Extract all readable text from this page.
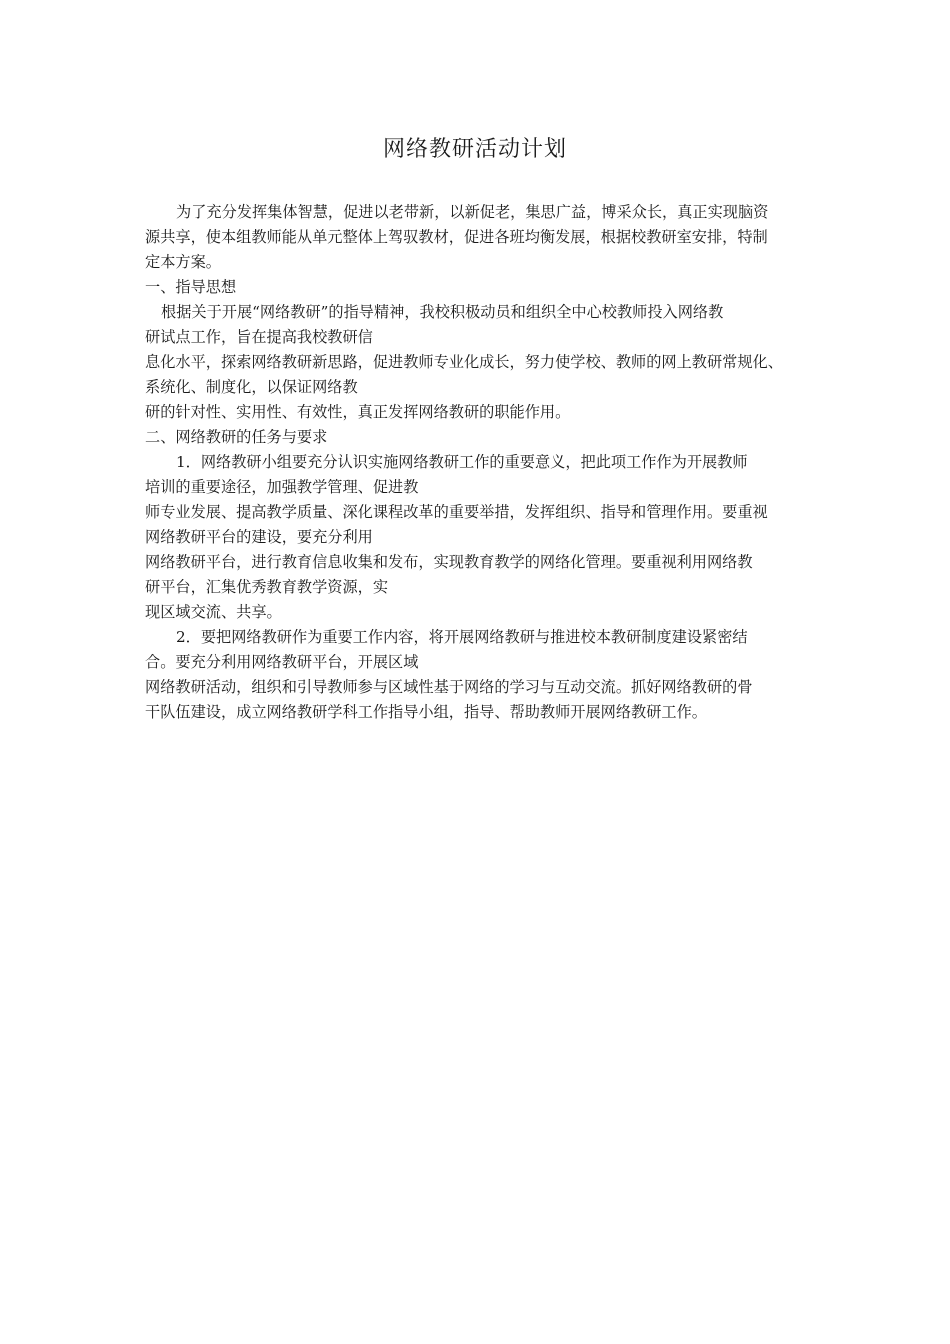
网络教研活动计划
为了充分发挥集体智慧，促进以老带新，以新促老，集思广益，博采众长，真正实现脑资
源共享，使本组教师能从单元整体上驾驭教材，促进各班均衡发展，根据校教研室安排，特制
定本方案。
一、指导思想
根据关于开展“网络教研”的指导精神，我校积极动员和组织全中心校教师投入网络教
研试点工作，旨在提高我校教研信
息化水平，探索网络教研新思路，促进教师专业化成长，努力使学校、教师的网上教研常规化、
系统化、制度化，以保证网络教
研的针对性、实用性、有效性，真正发挥网络教研的职能作用。
二、网络教研的任务与要求
1．网络教研小组要充分认识实施网络教研工作的重要意义，把此项工作作为开展教师
培训的重要途径，加强教学管理、促进教
师专业发展、提高教学质量、深化课程改革的重要举措，发挥组织、指导和管理作用。要重视
网络教研平台的建设，要充分利用
网络教研平台，进行教育信息收集和发布，实现教育教学的网络化管理。要重视利用网络教
研平台，汇集优秀教育教学资源，实
现区域交流、共享。
2．要把网络教研作为重要工作内容，将开展网络教研与推进校本教研制度建设紧密结
合。要充分利用网络教研平台，开展区域
网络教研活动，组织和引导教师参与区域性基于网络的学习与互动交流。抓好网络教研的骨
干队伍建设，成立网络教研学科工作指导小组，指导、帮助教师开展网络教研工作。
